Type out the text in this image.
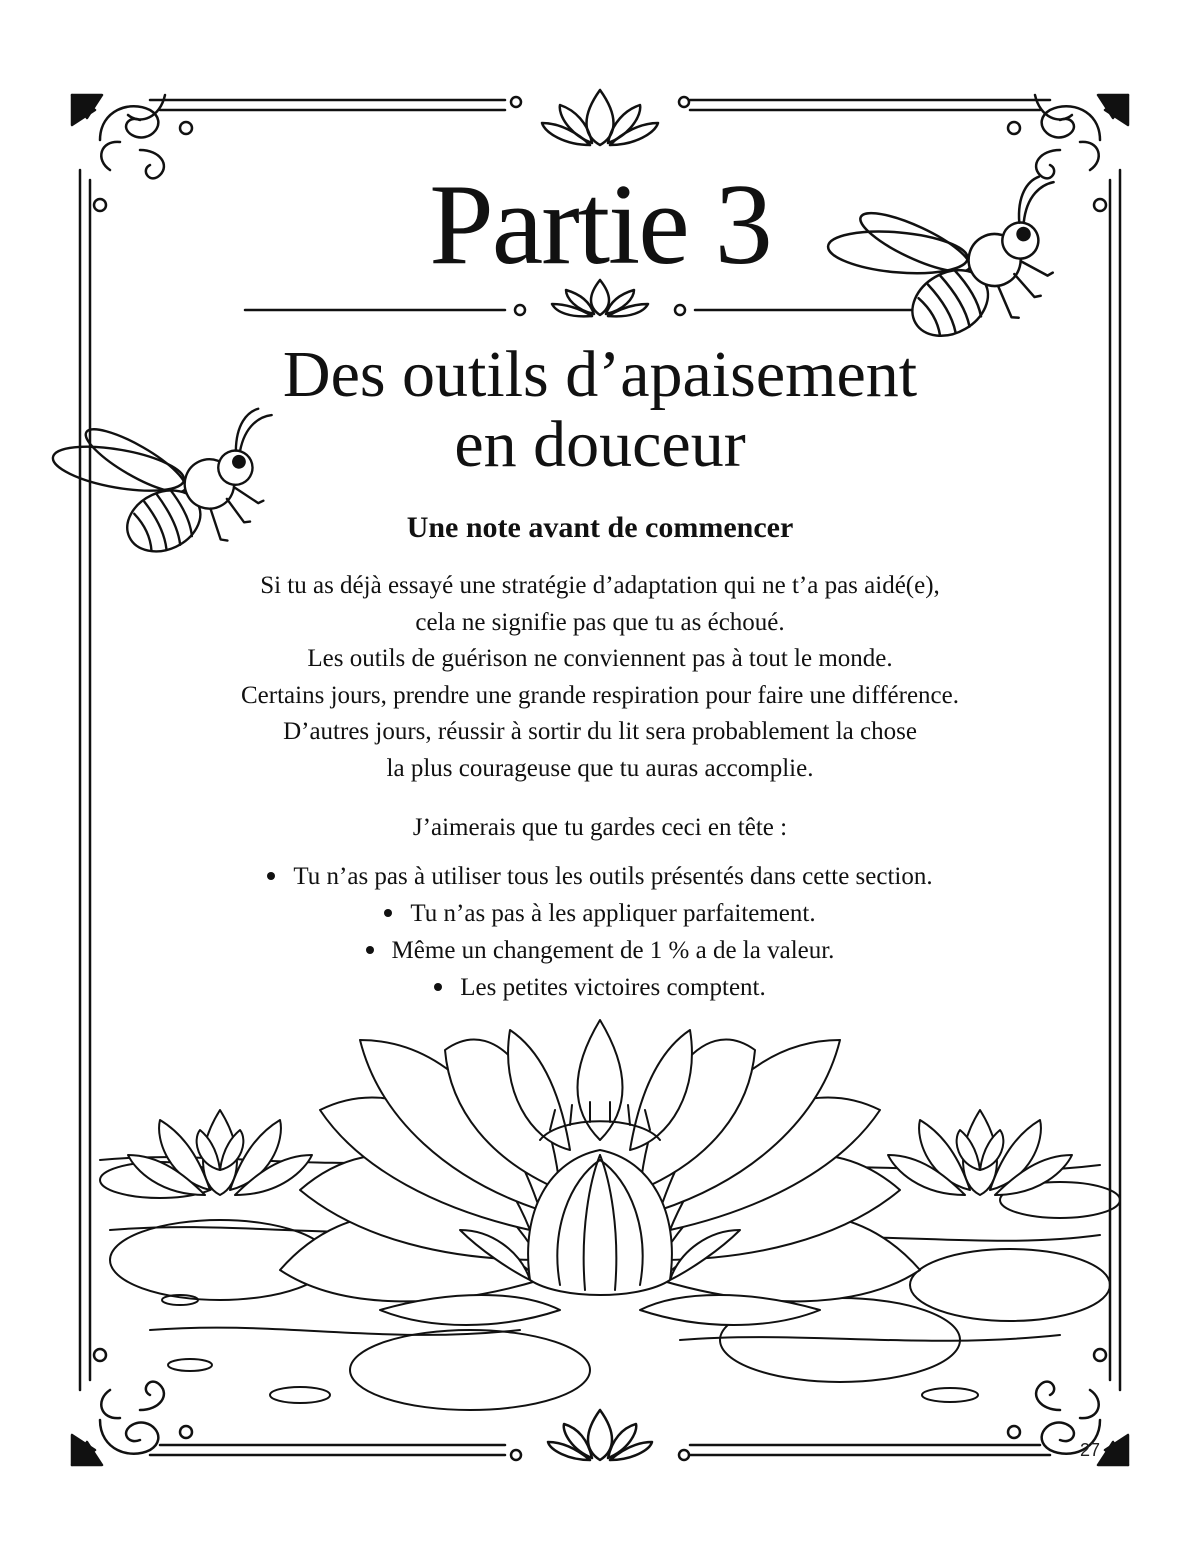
Partie 3
Des outils d’apaisement
en douceur
Une note avant de commencer
Si tu as déjà essayé une stratégie d’adaptation qui ne t’a pas aidé(e),
cela ne signifie pas que tu as échoué.
Les outils de guérison ne conviennent pas à tout le monde.
Certains jours, prendre une grande respiration pour faire une différence.
D’autres jours, réussir à sortir du lit sera probablement la chose
la plus courageuse que tu auras accomplie.
J’aimerais que tu gardes ceci en tête :
Tu n’as pas à utiliser tous les outils présentés dans cette section.
Tu n’as pas à les appliquer parfaitement.
Même un changement de 1 % a de la valeur.
Les petites victoires comptent.
27
